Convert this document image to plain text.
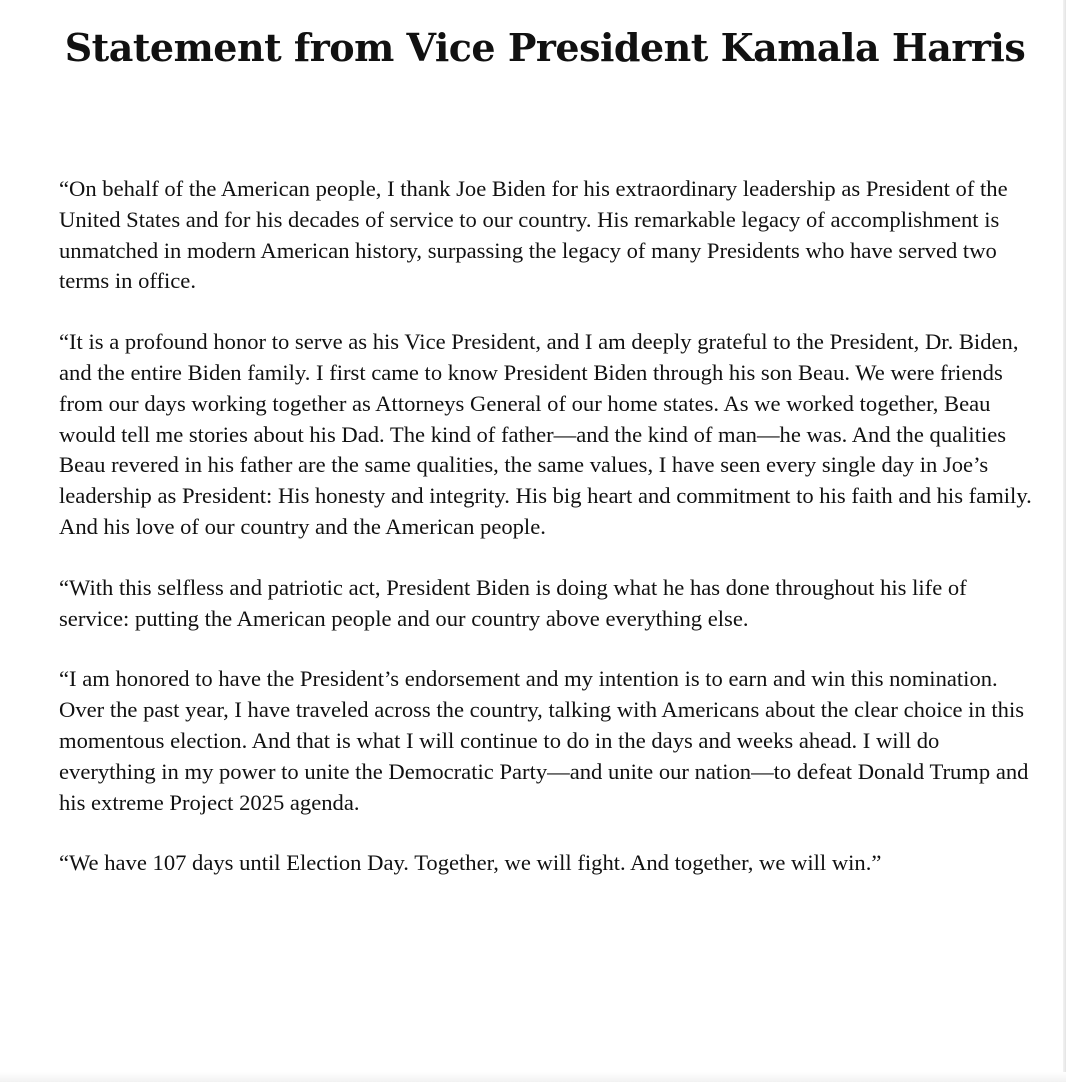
Statement from Vice President Kamala Harris

“On behalf of the American people, I thank Joe Biden for his extraordinary leadership as President of the United States and for his decades of service to our country. His remarkable legacy of accomplishment is unmatched in modern American history, surpassing the legacy of many Presidents who have served two terms in office.

“It is a profound honor to serve as his Vice President, and I am deeply grateful to the President, Dr. Biden, and the entire Biden family. I first came to know President Biden through his son Beau. We were friends from our days working together as Attorneys General of our home states. As we worked together, Beau would tell me stories about his Dad. The kind of father—and the kind of man—he was. And the qualities Beau revered in his father are the same qualities, the same values, I have seen every single day in Joe’s leadership as President: His honesty and integrity. His big heart and commitment to his faith and his family. And his love of our country and the American people.

“With this selfless and patriotic act, President Biden is doing what he has done throughout his life of service: putting the American people and our country above everything else.

“I am honored to have the President’s endorsement and my intention is to earn and win this nomination. Over the past year, I have traveled across the country, talking with Americans about the clear choice in this momentous election. And that is what I will continue to do in the days and weeks ahead. I will do everything in my power to unite the Democratic Party—and unite our nation—to defeat Donald Trump and his extreme Project 2025 agenda.

“We have 107 days until Election Day. Together, we will fight. And together, we will win.”
